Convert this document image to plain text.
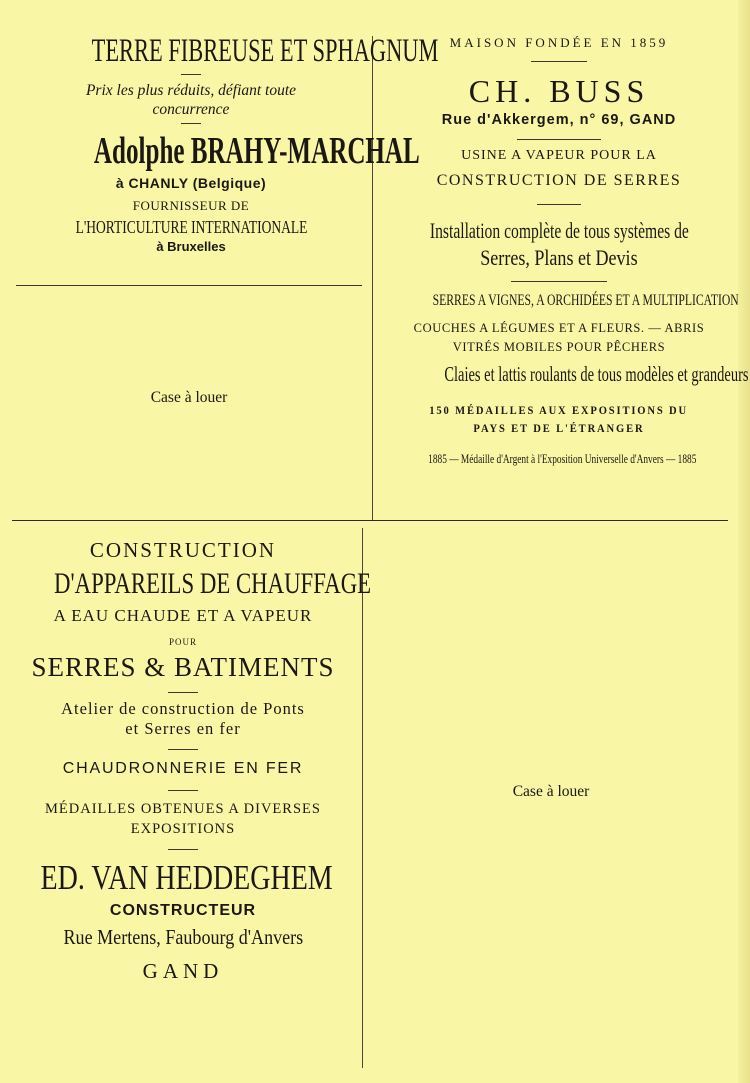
TERRE FIBREUSE ET SPHAGNUM
Prix les plus réduits, défiant toute
concurrence
Adolphe BRAHY-MARCHAL
à CHANLY (Belgique)
FOURNISSEUR DE
L'HORTICULTURE INTERNATIONALE
à Bruxelles
Case à louer
MAISON FONDÉE EN 1859
CH. BUSS
Rue d'Akkergem, n° 69, GAND
USINE A VAPEUR POUR LA
CONSTRUCTION DE SERRES
Installation complète de tous systèmes de
Serres, Plans et Devis
SERRES A VIGNES, A ORCHIDÉES ET A MULTIPLICATION
COUCHES A LÉGUMES ET A FLEURS. — ABRIS
VITRÉS MOBILES POUR PÊCHERS
Claies et lattis roulants de tous modèles et grandeurs
150 MÉDAILLES AUX EXPOSITIONS DU
PAYS ET DE L'ÉTRANGER
1885 — Médaille d'Argent à l'Exposition Universelle d'Anvers — 1885
CONSTRUCTION
D'APPAREILS DE CHAUFFAGE
A EAU CHAUDE ET A VAPEUR
POUR
SERRES & BATIMENTS
Atelier de construction de Ponts
et Serres en fer
CHAUDRONNERIE EN FER
MÉDAILLES OBTENUES A DIVERSES
EXPOSITIONS
ED. VAN HEDDEGHEM
CONSTRUCTEUR
Rue Mertens, Faubourg d'Anvers
GAND
Case à louer
